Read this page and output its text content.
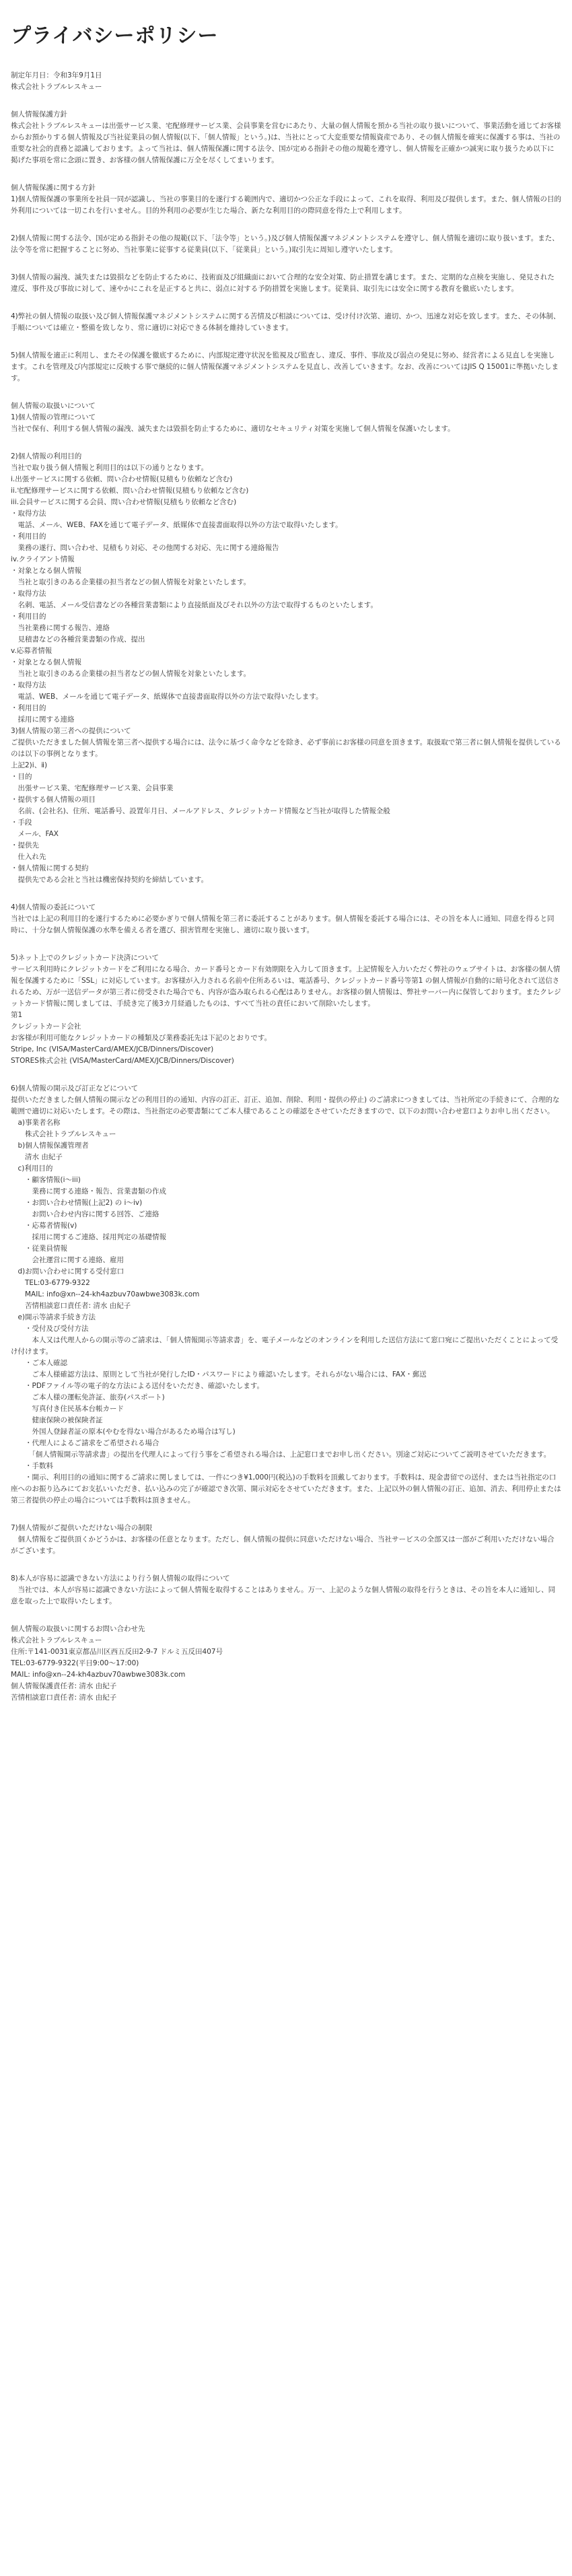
プライバシーポリシー
制定年月日：令和3年9月1日
株式会社トラブルレスキュー
個人情報保護方針
株式会社トラブルレスキューは出張サービス業、宅配修理サービス業、会員事業を営むにあたり、大量の個人情報を預かる当社の取り扱いについて、事業活動を通じてお客様からお預かりする個人情報及び当社従業員の個人情報(以下、「個人情報」という。)は、当社にとって大変重要な情報資産であり、その個人情報を確実に保護する事は、当社の重要な社会的責務と認識しております。よって当社は、個人情報保護に関する法令、国が定める指針その他の規範を遵守し、個人情報を正確かつ誠実に取り扱うため以下に掲げた事項を常に念頭に置き、お客様の個人情報保護に万全を尽くしてまいります。
個人情報保護に関する方針
1)個人情報保護の事業所を社員一同が認識し、当社の事業目的を遂行する範囲内で、適切かつ公正な手段によって、これを取得、利用及び提供します。また、個人情報の目的外利用については一切これを行いません。目的外利用の必要が生じた場合、新たな利用目的の際同意を得た上で利用します。
2)個人情報に関する法令、国が定める指針その他の規範(以下、「法令等」という。)及び個人情報保護マネジメントシステムを遵守し、個人情報を適切に取り扱います。また、法令等を常に把握することに努め、当社事業に従事する従業員(以下、「従業員」という。)取引先に周知し遵守いたします。
3)個人情報の漏洩、滅失または毀損などを防止するために、技術面及び組織面において合理的な安全対策、防止措置を講じます。また、定期的な点検を実施し、発見された違反、事件及び事故に対して、速やかにこれを是正すると共に、弱点に対する予防措置を実施します。従業員、取引先には安全に関する教育を徹底いたします。
4)弊社の個人情報の取扱い及び個人情報保護マネジメントシステムに関する苦情及び相談については、受け付け次第、適切、かつ、迅速な対応を致します。また、その体制、手順については確立・整備を致しなり、常に適切に対応できる体制を維持していきます。
5)個人情報を適正に利用し、またその保護を徹底するために、内部規定遵守状況を監視及び監査し、違反、事件、事故及び弱点の発見に努め、経営者による見直しを実施します。これを管理及び内部規定に反映する事で継続的に個人情報保護マネジメントシステムを見直し、改善していきます。なお、改善についてはJIS Q 15001に準拠いたします。
個人情報の取扱いについて
1)個人情報の管理について
当社で保有、利用する個人情報の漏洩、滅失または毀損を防止するために、適切なセキュリティ対策を実施して個人情報を保護いたします。
2)個人情報の利用目的
当社で取り扱う個人情報と利用目的は以下の通りとなります。
i.出張サービスに関する依頼、問い合わせ情報(見積もり依頼など含む)
ii.宅配修理サービスに関する依頼、問い合わせ情報(見積もり依頼など含む)
iii.会員サービスに関する会員、問い合わせ情報(見積もり依頼など含む)
・取得方法
　電話、メール、WEB、FAXを通じて電子データ、紙媒体で直接書面取得以外の方法で取得いたします。
・利用目的
　業務の遂行、問い合わせ、見積もり対応、その他関する対応、先に関する連絡報告
iv.クライアント情報
・対象となる個人情報
　当社と取引きのある企業様の担当者などの個人情報を対象といたします。
・取得方法
　名刺、電話、メール受信書などの各種営業書類により直接紙面及びそれ以外の方法で取得するものといたします。
・利用目的
　当社業務に関する報告、連絡
　見積書などの各種営業書類の作成、提出
v.応募者情報
・対象となる個人情報
　当社と取引きのある企業様の担当者などの個人情報を対象といたします。
・取得方法
　電話、WEB、メールを通じて電子データ、紙媒体で直接書面取得以外の方法で取得いたします。
・利用目的
　採用に関する連絡
3)個人情報の第三者への提供について
ご提供いただきました個人情報を第三者へ提供する場合には、法令に基づく命令などを除き、必ず事前にお客様の同意を頂きます。取扱取で第三者に個人情報を提供しているのは以下の事例となります。
上記2)ⅰ、ⅱ)
・目的
　出張サービス業、宅配修理サービス業、会員事業
・提供する個人情報の項目
　名前、(会社名)、住所、電話番号、設置年月日、メールアドレス、クレジットカード情報など当社が取得した情報全般
・手段
　メール、FAX
・提供先
　仕入れ先
・個人情報に関する契約
　提供先である会社と当社は機密保持契約を締結しています。
4)個人情報の委託について
当社では上記の利用目的を遂行するために必要かぎりで個人情報を第三者に委託することがあります。個人情報を委託する場合には、その旨を本人に通知、同意を得ると同時に、十分な個人情報保護の水準を備える者を選び、損害管理を実施し、適切に取り扱います。
5)ネット上でのクレジットカード決済について
サービス利用時にクレジットカードをご利用になる場合、カード番号とカード有効期限を入力して頂きます。上記情報を入力いただく弊社のウェブサイトは、お客様の個人情報を保護するために「SSL」に対応しています。お客様が入力される名前や住所あるいは、電話番号、クレジットカード番号等第1 の個人情報が自動的に暗号化されて送信されるため、万が一送信データが第三者に傍受された場合でも、内容が盗み取られる心配はありません。お客様の個人情報は、弊社サーバー内に保管しております。またクレジットカード情報に関しましては、手続き完了後3カ月経過したものは、すべて当社の責任において削除いたします。
第1
クレジットカード会社
お客様が利用可能なクレジットカードの種類及び業務委託先は下記のとおりです。
Stripe, Inc (VISA/MasterCard/AMEX/JCB/Dinners/Discover)
STORES株式会社 (VISA/MasterCard/AMEX/JCB/Dinners/Discover)
6)個人情報の開示及び訂正などについて
提供いただきました個人情報の開示などの利用目的の通知、内容の訂正、訂正、追加、削除、利用・提供の停止) のご請求につきましては、当社所定の手続きにて、合理的な範囲で適切に対応いたします。その際は、当社指定の必要書類にてご本人様であることの確認をさせていただきますので、以下のお問い合わせ窓口よりお申し出ください。
　a)事業者名称
　　株式会社トラブルレスキュー
　b)個人情報保護管理者
　　清水 由紀子
　c)利用目的
　　・顧客情報(i～iii)
　　　業務に関する連絡・報告、営業書類の作成
　　・お問い合わせ情報(上記2) の i～iv)
　　　お問い合わせ内容に関する回答、ご連絡
　　・応募者情報(v)
　　　採用に関するご連絡、採用判定の基礎情報
　　・従業員情報
　　　会社運営に関する連絡、雇用
　d)お問い合わせに関する受付窓口
　　TEL:03-6779-9322
　　MAIL: info@xn--24-kh4azbuv70awbwe3083k.com
　　苦情相談窓口責任者: 清水 由紀子
　e)開示等請求手続き方法
　　・受付及び受付方法
　　　本人又は代理人からの開示等のご請求は、「個人情報開示等請求書」を、電子メールなどのオンラインを利用した送信方法にて窓口宛にご提出いただくことによって受け付けます。
　　・ご本人確認
　　　ご本人様確認方法は、原則として当社が発行したID・パスワードにより確認いたします。それらがない場合には、FAX・郵送
　　・PDFファイル等の電子的な方法による送付をいただき、確認いたします。
　　　ご本人様の運転免許証、旅券(パスポート)
　　　写真付き住民基本台帳カード
　　　健康保険の被保険者証
　　　外国人登録者証の原本(やむを得ない場合があるため場合は写し)
　　・代理人によるご請求をご希望される場合
　　　「個人情報開示等請求書」の提出を代理人によって行う事をご希望される場合は、上記窓口までお申し出ください。別途ご対応についてご説明させていただきます。
　　・手数料
　　・開示、利用目的の通知に関するご請求に関しましては、一件につき¥1,000円(税込)の手数料を頂戴しております。手数料は、現金書留での送付、または当社指定の口座へのお振り込みにてお支払いいただき、払い込みの完了が確認でき次第、開示対応をさせていただきます。また、上記以外の個人情報の訂正、追加、消去、利用停止または第三者提供の停止の場合については手数料は頂きません。
7)個人情報がご提供いただけない場合の制限
　個人情報をご提供頂くかどうかは、お客様の任意となります。ただし、個人情報の提供に同意いただけない場合、当社サービスの全部又は一部がご利用いただけない場合がございます。
8)本人が容易に認識できない方法により行う個人情報の取得について
　当社では、本人が容易に認識できない方法によって個人情報を取得することはありません。万一、上記のような個人情報の取得を行うときは、その旨を本人に通知し、同意を取った上で取得いたします。
個人情報の取扱いに関するお問い合わせ先
株式会社トラブルレスキュー
住所:〒141-0031東京都品川区西五反田2-9-7 ドルミ五反田407号
TEL:03-6779-9322(平日9:00～17:00)
MAIL: info@xn--24-kh4azbuv70awbwe3083k.com
個人情報保護責任者: 清水 由紀子
苦情相談窓口責任者: 清水 由紀子
